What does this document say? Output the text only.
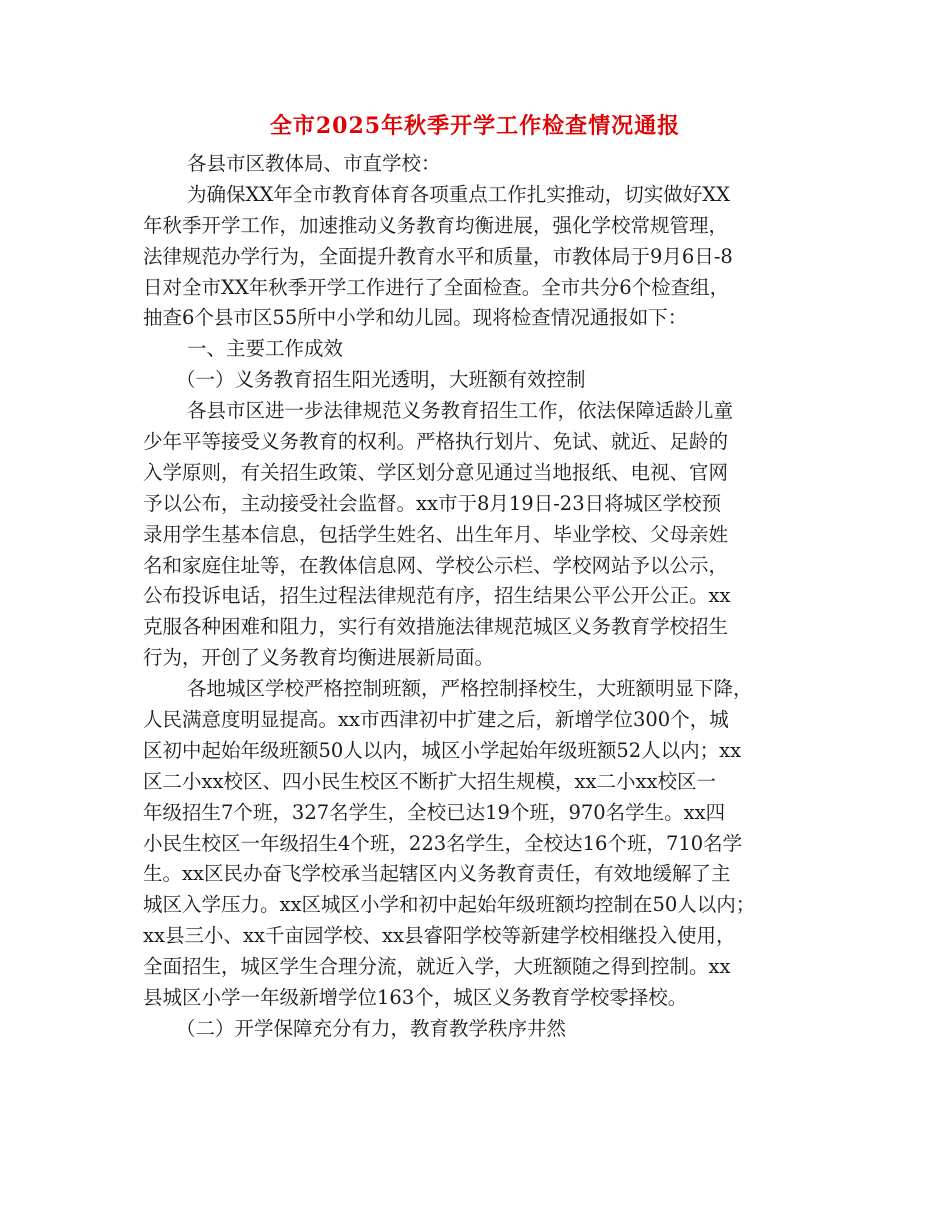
全市2025年秋季开学工作检查情况通报
各县市区教体局、市直学校：
为确保XX年全市教育体育各项重点工作扎实推动，切实做好XX
年秋季开学工作，加速推动义务教育均衡进展，强化学校常规管理，
法律规范办学行为，全面提升教育水平和质量，市教体局于9月6日-8
日对全市XX年秋季开学工作进行了全面检查。全市共分6个检查组，
抽查6个县市区55所中小学和幼儿园。现将检查情况通报如下：
一、主要工作成效
（一）义务教育招生阳光透明，大班额有效控制
各县市区进一步法律规范义务教育招生工作，依法保障适龄儿童
少年平等接受义务教育的权利。严格执行划片、免试、就近、足龄的
入学原则，有关招生政策、学区划分意见通过当地报纸、电视、官网
予以公布，主动接受社会监督。xx市于8月19日-23日将城区学校预
录用学生基本信息，包括学生姓名、出生年月、毕业学校、父母亲姓
名和家庭住址等，在教体信息网、学校公示栏、学校网站予以公示，
公布投诉电话，招生过程法律规范有序，招生结果公平公开公正。xx
克服各种困难和阻力，实行有效措施法律规范城区义务教育学校招生
行为，开创了义务教育均衡进展新局面。
各地城区学校严格控制班额，严格控制择校生，大班额明显下降，
人民满意度明显提高。xx市西津初中扩建之后，新增学位300个，城
区初中起始年级班额50人以内，城区小学起始年级班额52人以内；xx
区二小xx校区、四小民生校区不断扩大招生规模，xx二小xx校区一
年级招生7个班，327名学生，全校已达19个班，970名学生。xx四
小民生校区一年级招生4个班，223名学生，全校达16个班，710名学
生。xx区民办奋飞学校承当起辖区内义务教育责任，有效地缓解了主
城区入学压力。xx区城区小学和初中起始年级班额均控制在50人以内；
xx县三小、xx千亩园学校、xx县睿阳学校等新建学校相继投入使用，
全面招生，城区学生合理分流，就近入学，大班额随之得到控制。xx
县城区小学一年级新增学位163个，城区义务教育学校零择校。
（二）开学保障充分有力，教育教学秩序井然
